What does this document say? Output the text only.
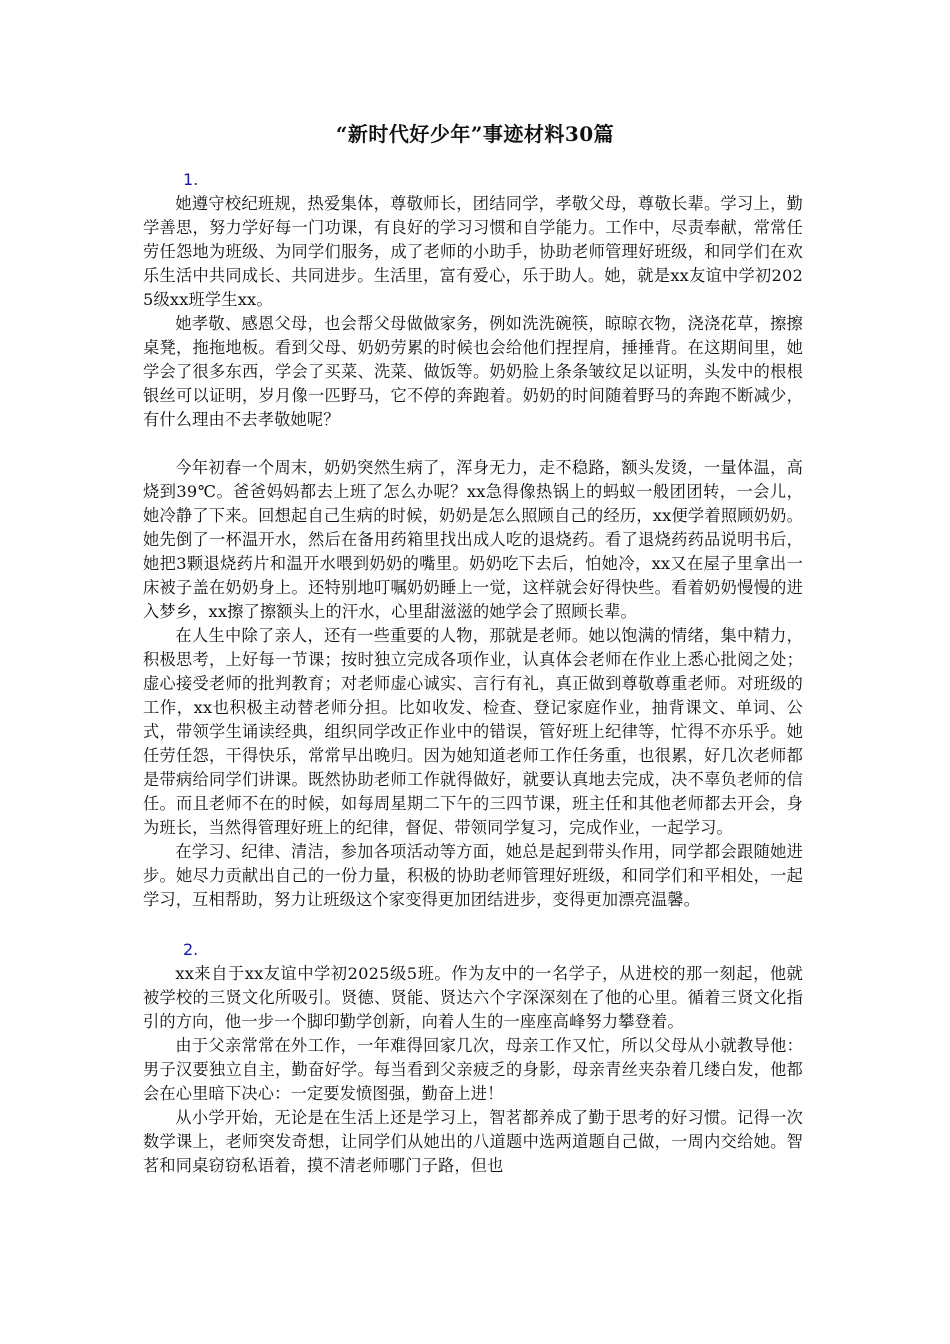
“新时代好少年”事迹材料30篇

1.

她遵守校纪班规，热爱集体，尊敬师长，团结同学，孝敬父母，尊敬长辈。学习上，勤学善思，努力学好每一门功课，有良好的学习习惯和自学能力。工作中，尽责奉献，常常任劳任怨地为班级、为同学们服务，成了老师的小助手，协助老师管理好班级，和同学们在欢乐生活中共同成长、共同进步。生活里，富有爱心，乐于助人。她，就是xx友谊中学初2025级xx班学生xx。

她孝敬、感恩父母，也会帮父母做做家务，例如洗洗碗筷，晾晾衣物，浇浇花草，擦擦桌凳，拖拖地板。看到父母、奶奶劳累的时候也会给他们捏捏肩，捶捶背。在这期间里，她学会了很多东西，学会了买菜、洗菜、做饭等。奶奶脸上条条皱纹足以证明，头发中的根根银丝可以证明，岁月像一匹野马，它不停的奔跑着。奶奶的时间随着野马的奔跑不断减少，有什么理由不去孝敬她呢？

今年初春一个周末，奶奶突然生病了，浑身无力，走不稳路，额头发烫，一量体温，高烧到39℃。爸爸妈妈都去上班了怎么办呢？xx急得像热锅上的蚂蚁一般团团转，一会儿，她冷静了下来。回想起自己生病的时候，奶奶是怎么照顾自己的经历，xx便学着照顾奶奶。她先倒了一杯温开水，然后在备用药箱里找出成人吃的退烧药。看了退烧药药品说明书后，她把3颗退烧药片和温开水喂到奶奶的嘴里。奶奶吃下去后，怕她冷，xx又在屋子里拿出一床被子盖在奶奶身上。还特别地叮嘱奶奶睡上一觉，这样就会好得快些。看着奶奶慢慢的进入梦乡，xx擦了擦额头上的汗水，心里甜滋滋的她学会了照顾长辈。

在人生中除了亲人，还有一些重要的人物，那就是老师。她以饱满的情绪，集中精力，积极思考，上好每一节课；按时独立完成各项作业，认真体会老师在作业上悉心批阅之处；虚心接受老师的批判教育；对老师虚心诚实、言行有礼，真正做到尊敬尊重老师。对班级的工作，xx也积极主动替老师分担。比如收发、检查、登记家庭作业，抽背课文、单词、公式，带领学生诵读经典，组织同学改正作业中的错误，管好班上纪律等，忙得不亦乐乎。她任劳任怨，干得快乐，常常早出晚归。因为她知道老师工作任务重，也很累，好几次老师都是带病给同学们讲课。既然协助老师工作就得做好，就要认真地去完成，决不辜负老师的信任。而且老师不在的时候，如每周星期二下午的三四节课，班主任和其他老师都去开会，身为班长，当然得管理好班上的纪律，督促、带领同学复习，完成作业，一起学习。

在学习、纪律、清洁，参加各项活动等方面，她总是起到带头作用，同学都会跟随她进步。她尽力贡献出自己的一份力量，积极的协助老师管理好班级，和同学们和平相处，一起学习，互相帮助，努力让班级这个家变得更加团结进步，变得更加漂亮温馨。

2.

xx来自于xx友谊中学初2025级5班。作为友中的一名学子，从进校的那一刻起，他就被学校的三贤文化所吸引。贤德、贤能、贤达六个字深深刻在了他的心里。循着三贤文化指引的方向，他一步一个脚印勤学创新，向着人生的一座座高峰努力攀登着。

由于父亲常常在外工作，一年难得回家几次，母亲工作又忙，所以父母从小就教导他：男子汉要独立自主，勤奋好学。每当看到父亲疲乏的身影，母亲青丝夹杂着几缕白发，他都会在心里暗下决心：一定要发愤图强，勤奋上进！

从小学开始，无论是在生活上还是学习上，智茗都养成了勤于思考的好习惯。记得一次数学课上，老师突发奇想，让同学们从她出的八道题中选两道题自己做，一周内交给她。智茗和同桌窃窃私语着，摸不清老师哪门子路，但也
